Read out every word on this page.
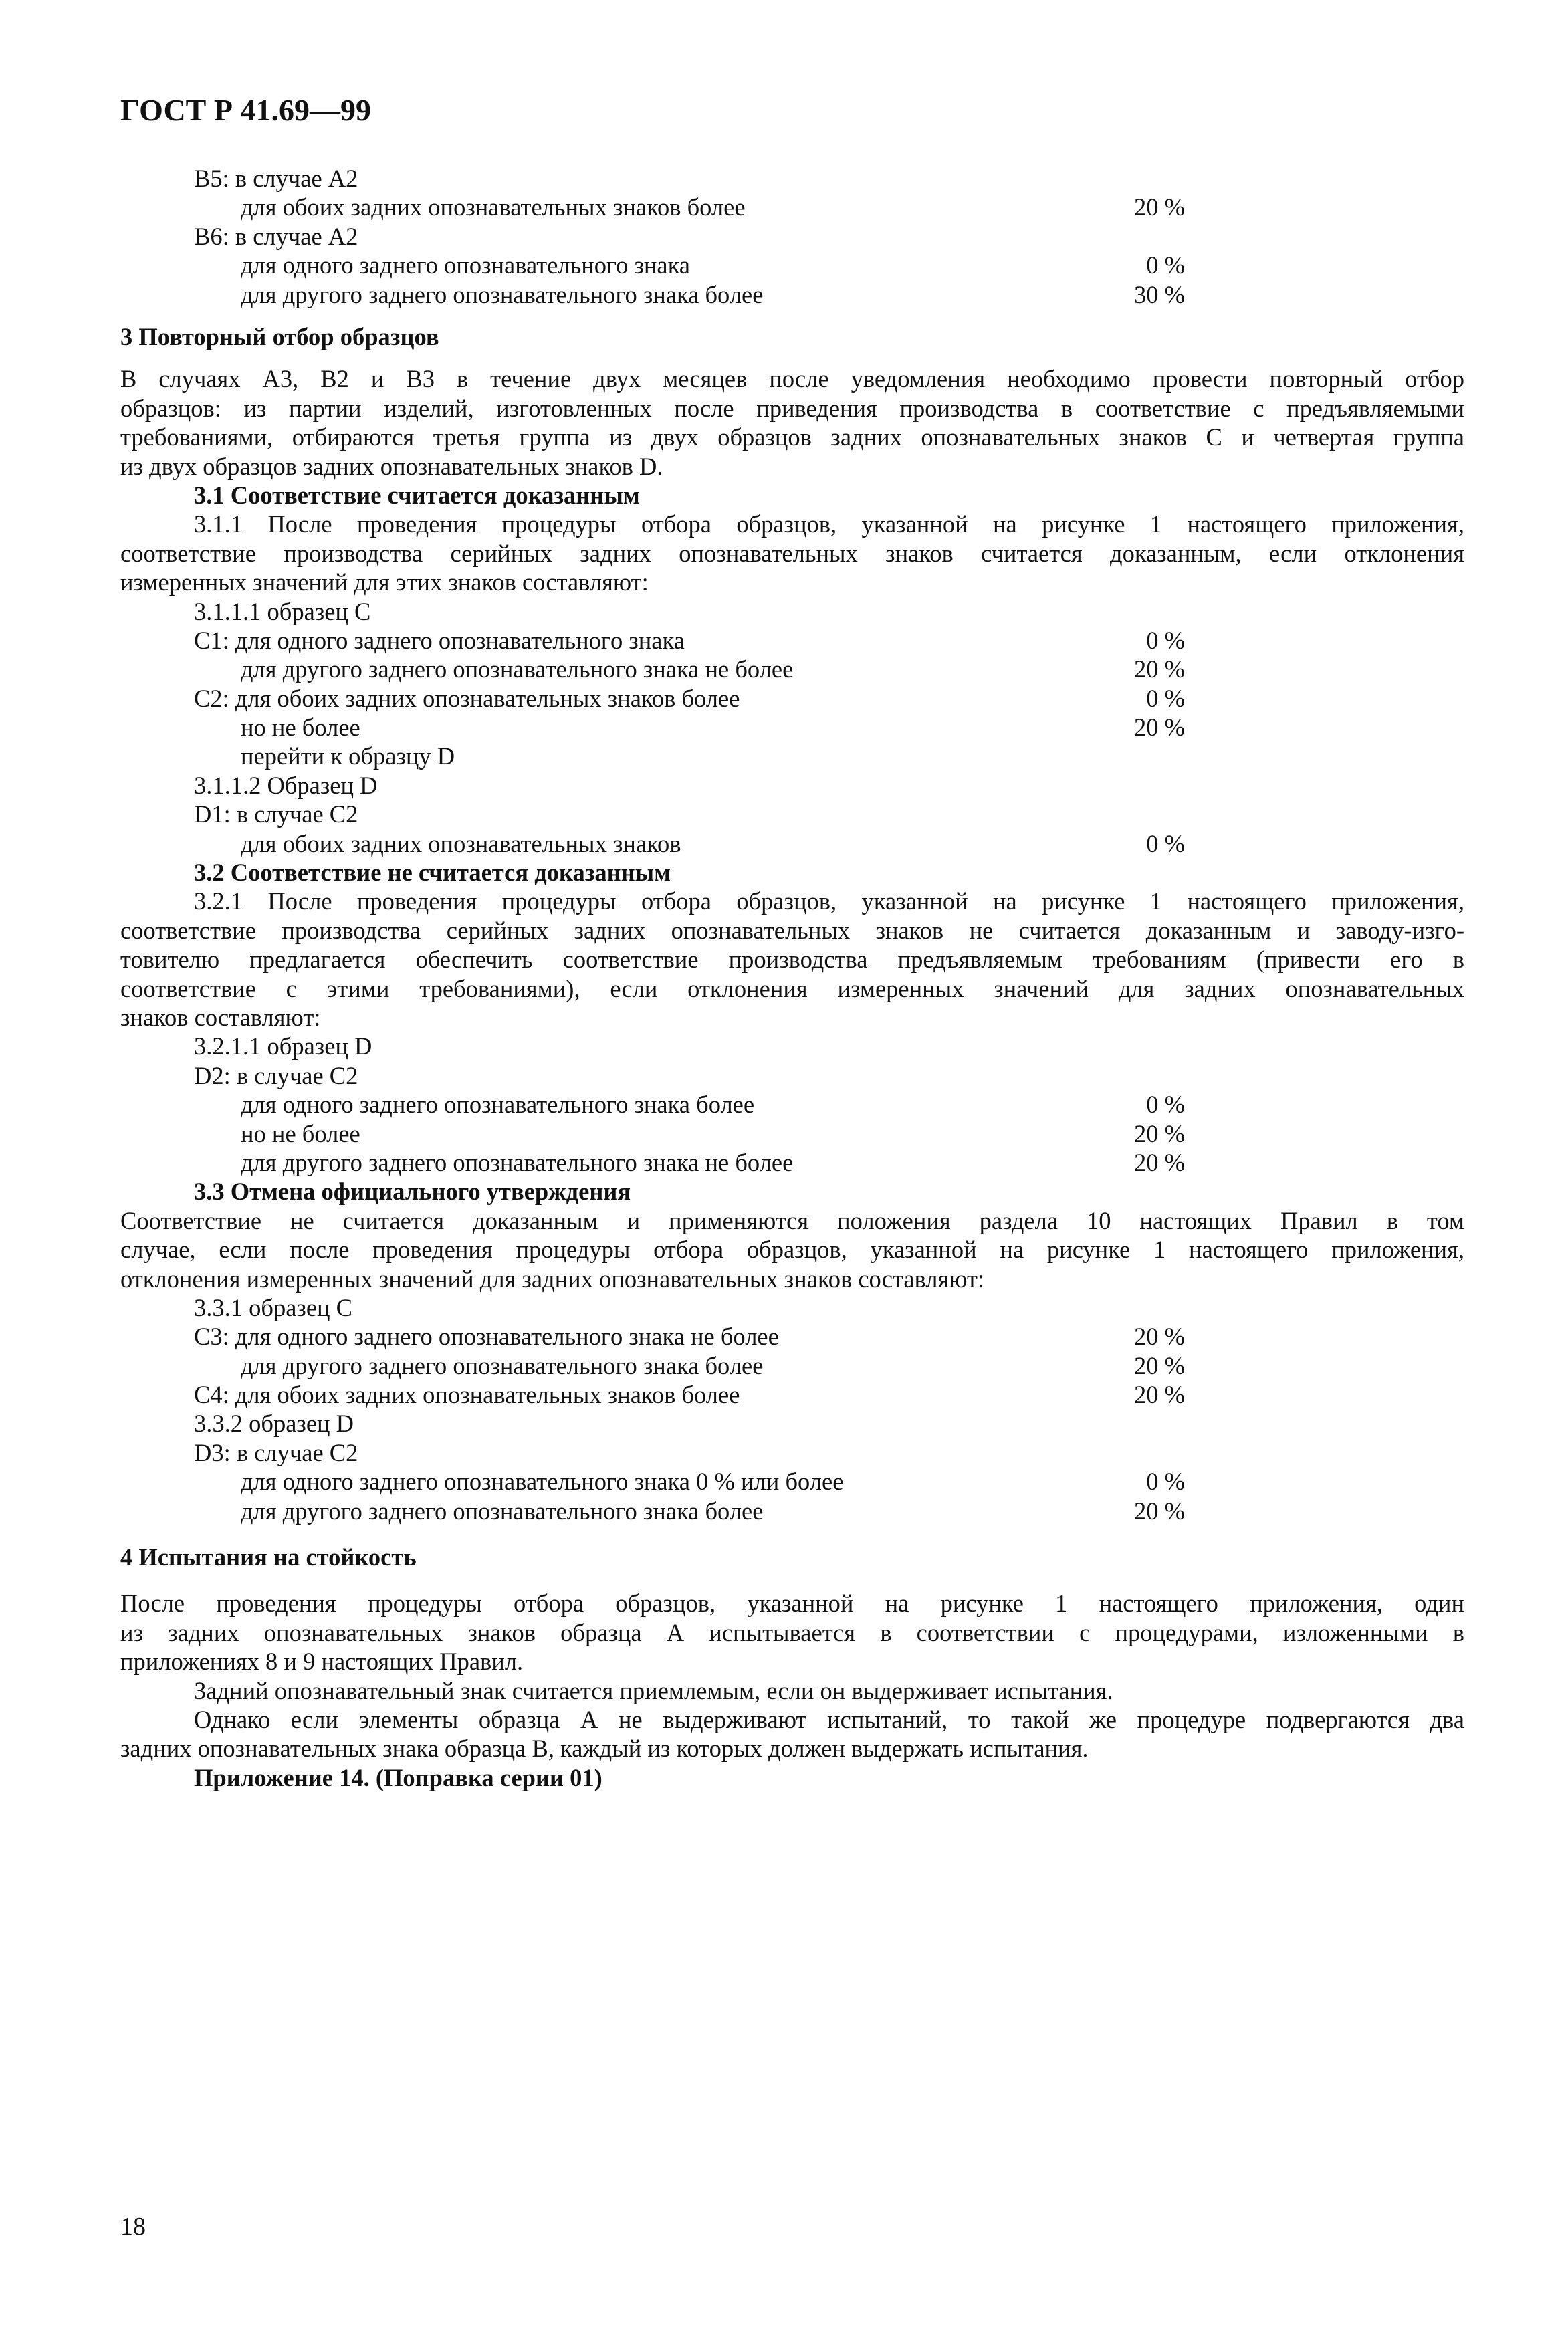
ГОСТ Р 41.69—99
В5: в случае А2
для обоих задних опознавательных знаков более	20 %
В6: в случае А2
для одного заднего опознавательного знака	0 %
для другого заднего опознавательного знака более	30 %
3 Повторный отбор образцов
В случаях А3, В2 и В3 в течение двух месяцев после уведомления необходимо провести повторный отбор
образцов: из партии изделий, изготовленных после приведения производства в соответствие с предъявляемыми
требованиями, отбираются третья группа из двух образцов задних опознавательных знаков С и четвертая группа
из двух образцов задних опознавательных знаков D.
3.1 Соответствие считается доказанным
3.1.1 После проведения процедуры отбора образцов, указанной на рисунке 1 настоящего приложения,
соответствие производства серийных задних опознавательных знаков считается доказанным, если отклонения
измеренных значений для этих знаков составляют:
3.1.1.1 образец С
С1: для одного заднего опознавательного знака	0 %
для другого заднего опознавательного знака не более	20 %
С2: для обоих задних опознавательных знаков более	0 %
но не более	20 %
перейти к образцу D
3.1.1.2 Образец D
D1: в случае С2
для обоих задних опознавательных знаков	0 %
3.2 Соответствие не считается доказанным
3.2.1 После проведения процедуры отбора образцов, указанной на рисунке 1 настоящего приложения,
соответствие производства серийных задних опознавательных знаков не считается доказанным и заводу-изго-
товителю предлагается обеспечить соответствие производства предъявляемым требованиям (привести его в
соответствие с этими требованиями), если отклонения измеренных значений для задних опознавательных
знаков составляют:
3.2.1.1 образец D
D2: в случае С2
для одного заднего опознавательного знака более	0 %
но не более	20 %
для другого заднего опознавательного знака не более	20 %
3.3 Отмена официального утверждения
Соответствие не считается доказанным и применяются положения раздела 10 настоящих Правил в том
случае, если после проведения процедуры отбора образцов, указанной на рисунке 1 настоящего приложения,
отклонения измеренных значений для задних опознавательных знаков составляют:
3.3.1 образец С
С3: для одного заднего опознавательного знака не более	20 %
для другого заднего опознавательного знака более	20 %
С4: для обоих задних опознавательных знаков более	20 %
3.3.2 образец D
D3: в случае С2
для одного заднего опознавательного знака 0 % или более	0 %
для другого заднего опознавательного знака более	20 %
4 Испытания на стойкость
После проведения процедуры отбора образцов, указанной на рисунке 1 настоящего приложения, один
из задних опознавательных знаков образца А испытывается в соответствии с процедурами, изложенными в
приложениях 8 и 9 настоящих Правил.
Задний опознавательный знак считается приемлемым, если он выдерживает испытания.
Однако если элементы образца А не выдерживают испытаний, то такой же процедуре подвергаются два
задних опознавательных знака образца В, каждый из которых должен выдержать испытания.
Приложение 14. (Поправка серии 01)
18
